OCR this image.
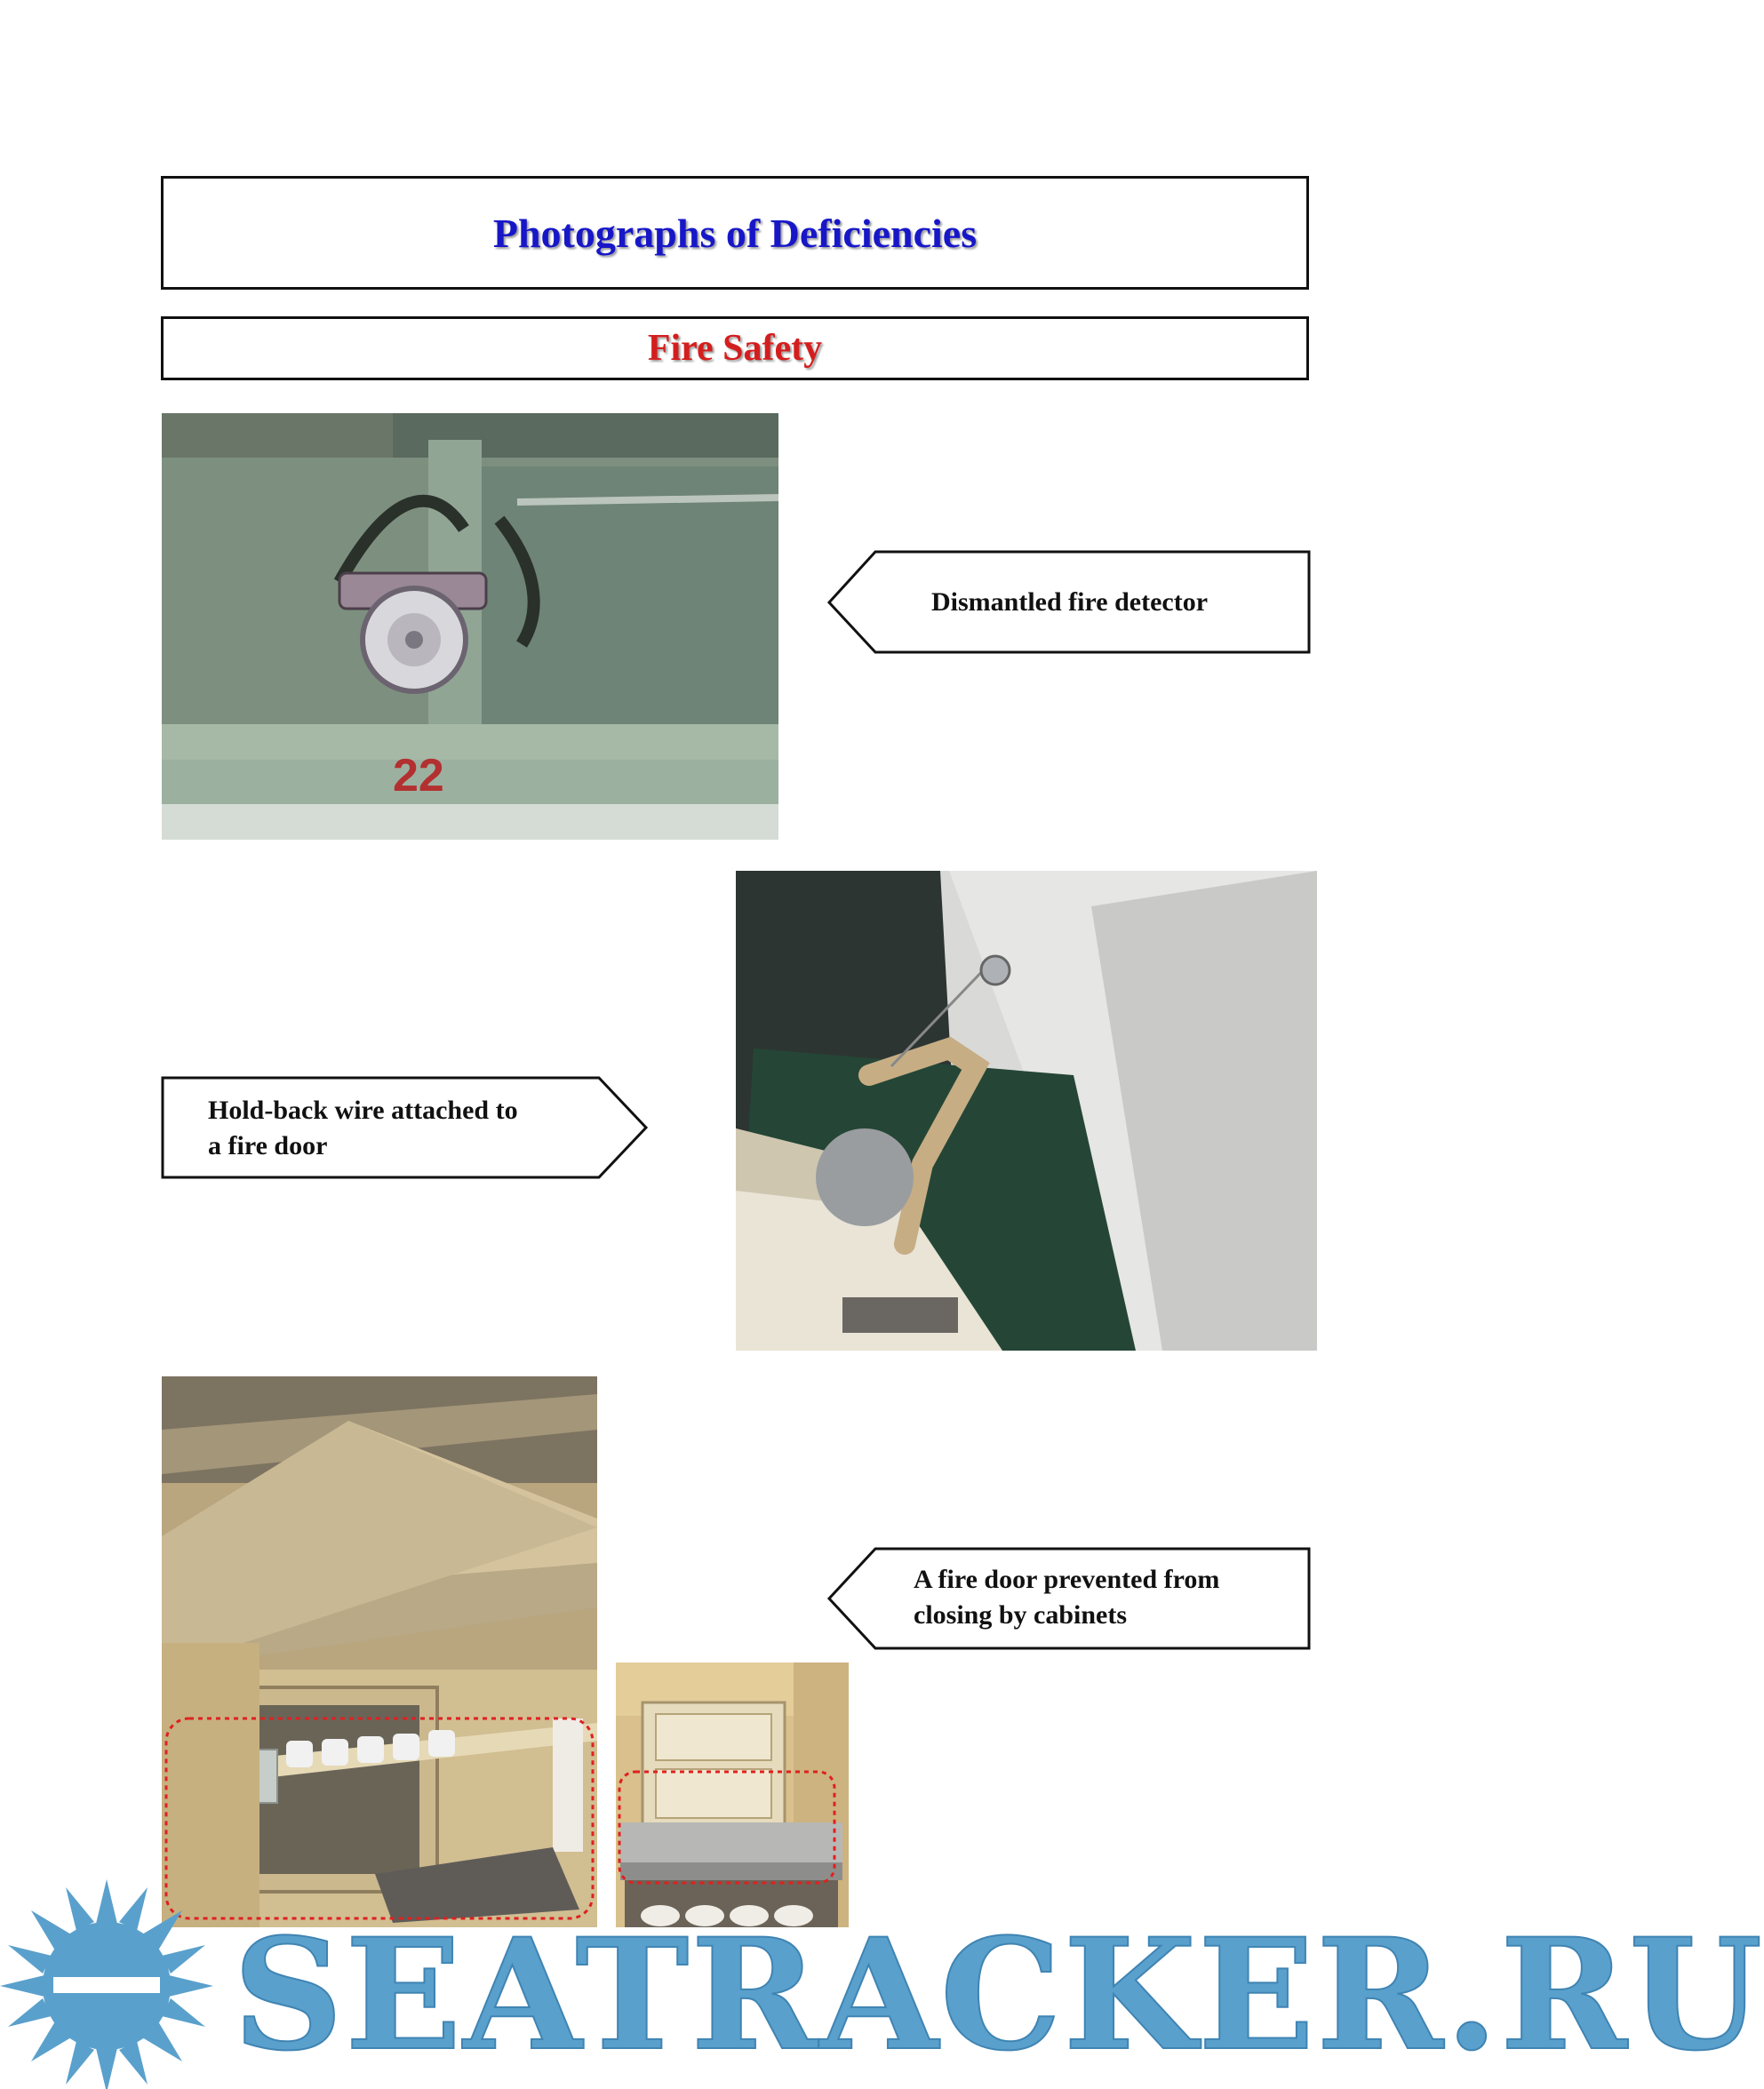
Photographs of Deficiencies
Fire Safety
22
Dismantled fire detector
Hold-back wire attached to
a fire door
A fire door prevented from
closing by cabinets
SEATRACKER.RU
